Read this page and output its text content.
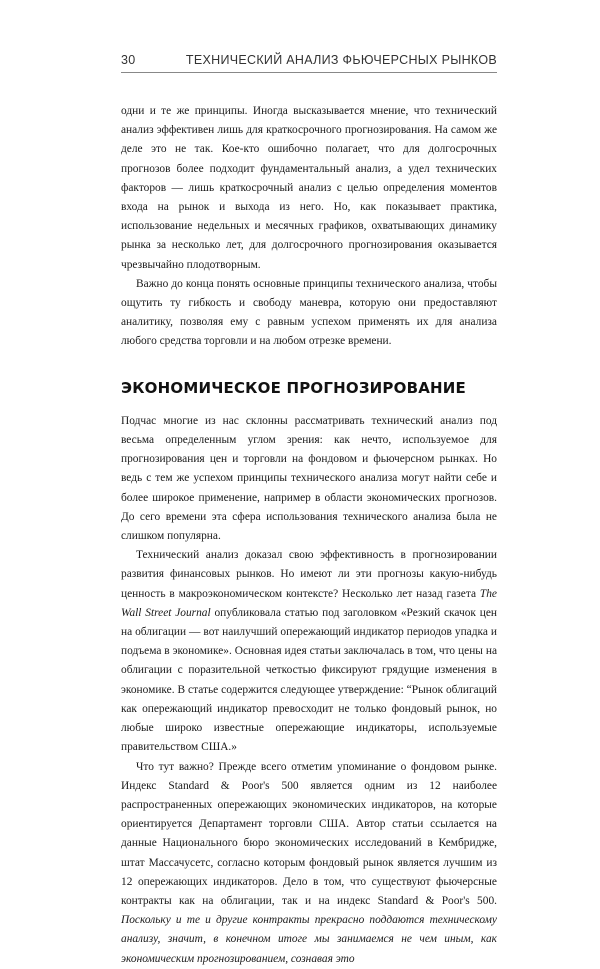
30	ТЕХНИЧЕСКИЙ АНАЛИЗ ФЬЮЧЕРСНЫХ РЫНКОВ

одни и те же принципы. Иногда высказывается мнение, что технический анализ эффективен лишь для краткосрочного прогнозирования. На самом же деле это не так. Кое-кто ошибочно полагает, что для долгосрочных прогнозов более подходит фундаментальный анализ, а удел технических факторов — лишь краткосрочный анализ с целью определения моментов входа на рынок и выхода из него. Но, как показывает практика, использование недельных и месячных графиков, охватывающих динамику рынка за несколько лет, для долгосрочного прогнозирования оказывается чрезвычайно плодотворным.

Важно до конца понять основные принципы технического анализа, чтобы ощутить ту гибкость и свободу маневра, которую они предоставляют аналитику, позволяя ему с равным успехом применять их для анализа любого средства торговли и на любом отрезке времени.

ЭКОНОМИЧЕСКОЕ ПРОГНОЗИРОВАНИЕ

Подчас многие из нас склонны рассматривать технический анализ под весьма определенным углом зрения: как нечто, используемое для прогнозирования цен и торговли на фондовом и фьючерсном рынках. Но ведь с тем же успехом принципы технического анализа могут найти себе и более широкое применение, например в области экономических прогнозов. До сего времени эта сфера использования технического анализа была не слишком популярна.

Технический анализ доказал свою эффективность в прогнозировании развития финансовых рынков. Но имеют ли эти прогнозы какую-нибудь ценность в макроэкономическом контексте? Несколько лет назад газета The Wall Street Journal опубликовала статью под заголовком «Резкий скачок цен на облигации — вот наилучший опережающий индикатор периодов упадка и подъема в экономике». Основная идея статьи заключалась в том, что цены на облигации с поразительной четкостью фиксируют грядущие изменения в экономике. В статье содержится следующее утверждение: “Рынок облигаций как опережающий индикатор превосходит не только фондовый рынок, но любые широко известные опережающие индикаторы, используемые правительством США.»

Что тут важно? Прежде всего отметим упоминание о фондовом рынке. Индекс Standard & Poor's 500 является одним из 12 наиболее распространенных опережающих экономических индикаторов, на которые ориентируется Департамент торговли США. Автор статьи ссылается на данные Национального бюро экономических исследований в Кембридже, штат Массачусетс, согласно которым фондовый рынок является лучшим из 12 опережающих индикаторов. Дело в том, что существуют фьючерсные контракты как на облигации, так и на индекс Standard & Poor's 500. Поскольку и те и другие контракты прекрасно поддаются техническому анализу, значит, в конечном итоге мы занимаемся не чем иным, как экономическим прогнозированием, сознавая это
